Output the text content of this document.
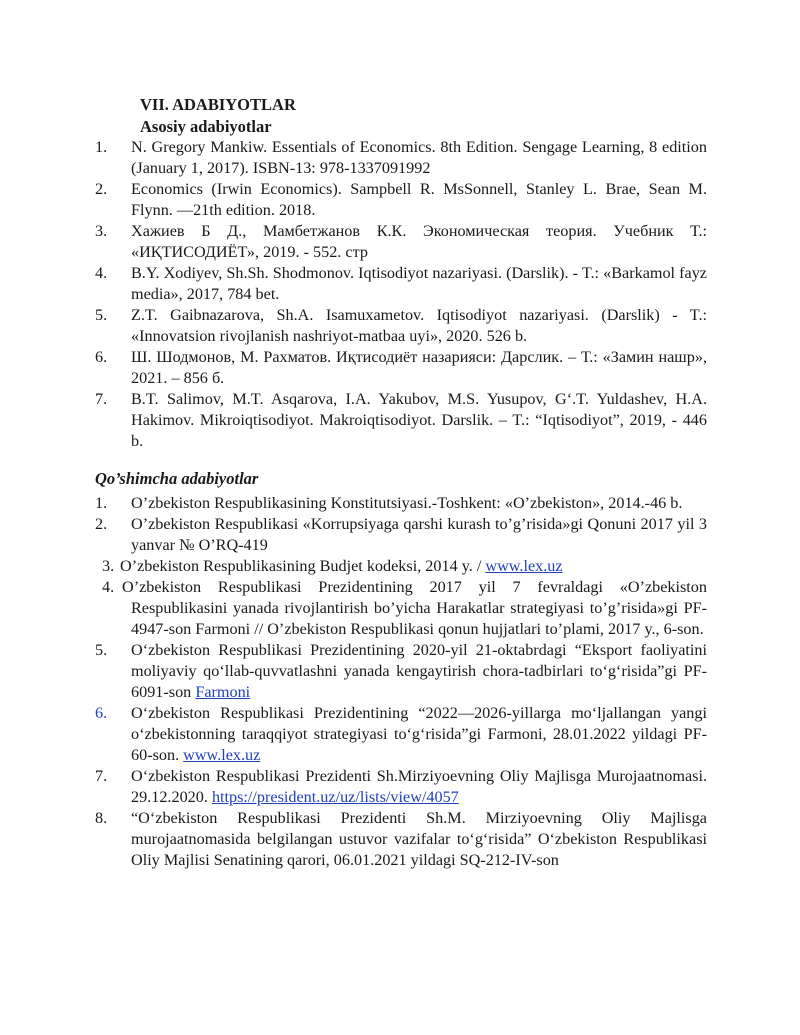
VII. ADABIYOTLAR
Asosiy adabiyotlar
1. N. Gregory Mankiw. Essentials of Economics. 8th Edition. Sengage Learning, 8 edition (January 1, 2017). ISBN-13: 978-1337091992
2. Economics (Irwin Economics). Sampbell R. MsSonnell, Stanley L. Brae, Sean M. Flynn. —21th edition. 2018.
3. Хажиев Б Д., Мамбетжанов К.К. Экономическая теория. Учебник Т.: «ИҚТИСОДИЁТ», 2019. - 552. стр
4. B.Y. Xodiyev, Sh.Sh. Shodmonov. Iqtisodiyot nazariyasi. (Darslik). - T.: «Barkamol fayz media», 2017, 784 bet.
5. Z.T. Gaibnazarova, Sh.A. Isamuxametov. Iqtisodiyot nazariyasi. (Darslik) - T.: «Innovatsion rivojlanish nashriyot-matbaa uyi», 2020. 526 b.
6. Ш. Шодмонов, М. Рахматов. Иқтисодиёт назарияси: Дарслик. – Т.: «Замин нашр», 2021. – 856 б.
7. B.T. Salimov, M.T. Asqarova, I.A. Yakubov, M.S. Yusupov, G‘.T. Yuldashev, H.A. Hakimov. Mikroiqtisodiyot. Makroiqtisodiyot. Darslik. – T.: “Iqtisodiyot”, 2019, - 446 b.
Qo’shimcha adabiyotlar
1. O’zbekiston Respublikasining Konstitutsiyasi.-Toshkent: «O’zbekiston», 2014.-46 b.
2. O’zbekiston Respublikasi «Korrupsiyaga qarshi kurash to’g’risida»gi Qonuni 2017 yil 3 yanvar № O’RQ-419
3. O’zbekiston Respublikasining Budjet kodeksi, 2014 y. / www.lex.uz
4. O’zbekiston Respublikasi Prezidentining 2017 yil 7 fevraldagi «O’zbekiston Respublikasini yanada rivojlantirish bo’yicha Harakatlar strategiyasi to’g’risida»gi PF-4947-son Farmoni // O’zbekiston Respublikasi qonun hujjatlari to’plami, 2017 y., 6-son.
5. O‘zbekiston Respublikasi Prezidentining 2020-yil 21-oktabrdagi “Eksport faoliyatini moliyaviy qo‘llab-quvvatlashni yanada kengaytirish chora-tadbirlari to‘g‘risida”gi PF-6091-son Farmoni
6. O‘zbekiston Respublikasi Prezidentining “2022—2026-yillarga mo‘ljallangan yangi o‘zbekistonning taraqqiyot strategiyasi to‘g‘risida”gi Farmoni, 28.01.2022 yildagi PF-60-son. www.lex.uz
7. O‘zbekiston Respublikasi Prezidenti Sh.Mirziyoevning Oliy Majlisga Murojaatnomasi. 29.12.2020. https://president.uz/uz/lists/view/4057
8. “O‘zbekiston Respublikasi Prezidenti Sh.M. Mirziyoevning Oliy Majlisga murojaatnomasida belgilangan ustuvor vazifalar to‘g‘risida” O‘zbekiston Respublikasi Oliy Majlisi Senatining qarori, 06.01.2021 yildagi SQ-212-IV-son
